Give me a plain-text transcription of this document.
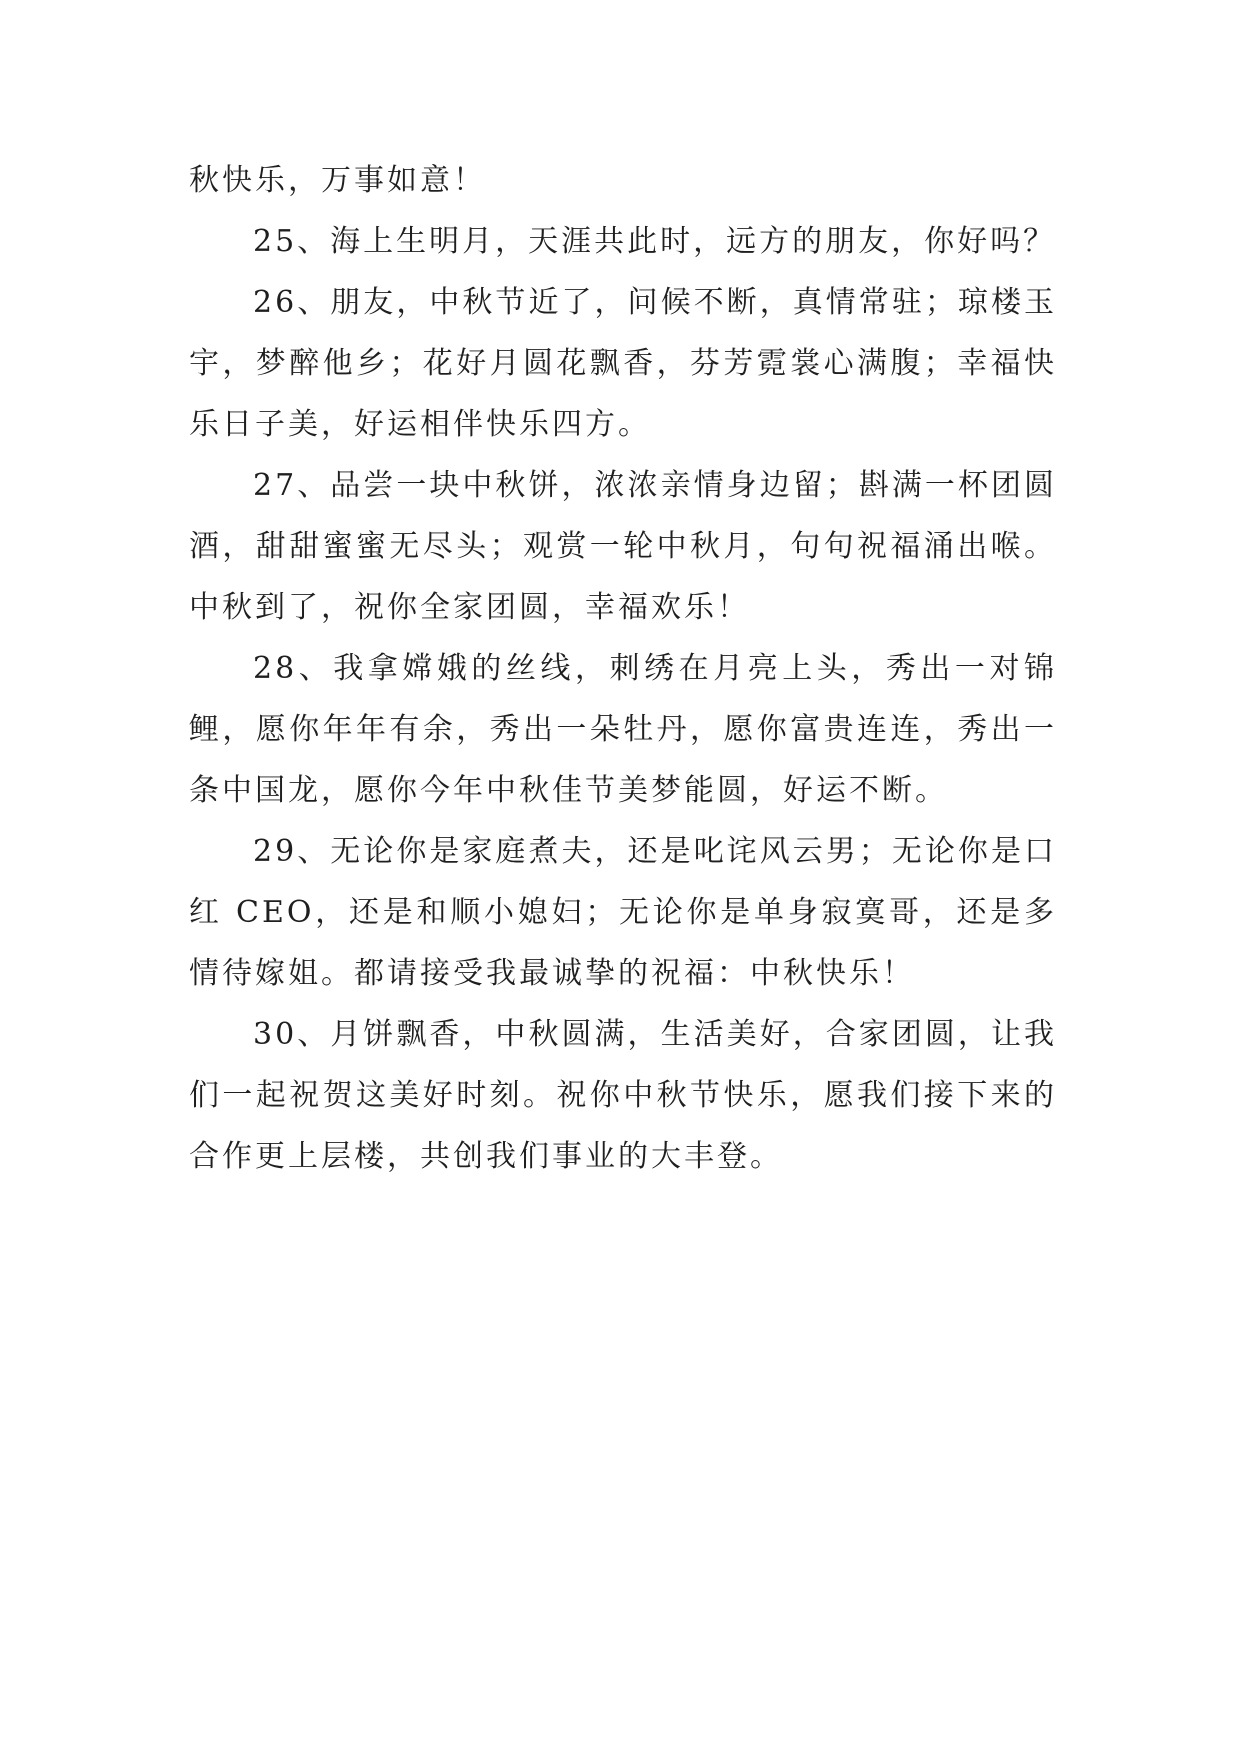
秋快乐，万事如意！

25、海上生明月，天涯共此时，远方的朋友，你好吗？

26、朋友，中秋节近了，问候不断，真情常驻；琼楼玉宇，梦醉他乡；花好月圆花飘香，芬芳霓裳心满腹；幸福快乐日子美，好运相伴快乐四方。

27、品尝一块中秋饼，浓浓亲情身边留；斟满一杯团圆酒，甜甜蜜蜜无尽头；观赏一轮中秋月，句句祝福涌出喉。中秋到了，祝你全家团圆，幸福欢乐！

28、我拿嫦娥的丝线，刺绣在月亮上头，秀出一对锦鲤，愿你年年有余，秀出一朵牡丹，愿你富贵连连，秀出一条中国龙，愿你今年中秋佳节美梦能圆，好运不断。

29、无论你是家庭煮夫，还是叱诧风云男；无论你是口红 CEO，还是和顺小媳妇；无论你是单身寂寞哥，还是多情待嫁姐。都请接受我最诚挚的祝福：中秋快乐！

30、月饼飘香，中秋圆满，生活美好，合家团圆，让我们一起祝贺这美好时刻。祝你中秋节快乐，愿我们接下来的合作更上层楼，共创我们事业的大丰登。
